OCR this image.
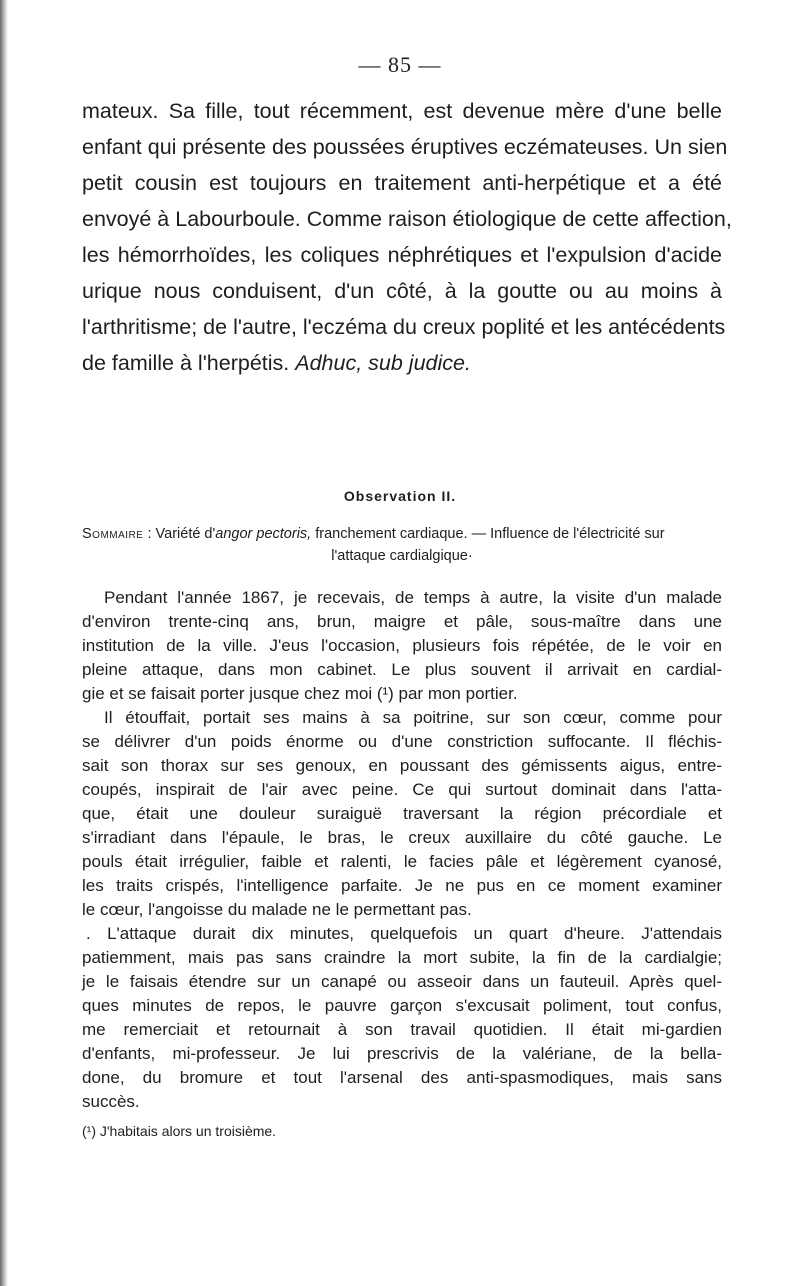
— 85 —
mateux. Sa fille, tout récemment, est devenue mère d'une belle
enfant qui présente des poussées éruptives eczémateuses. Un sien
petit cousin est toujours en traitement anti-herpétique et a été
envoyé à Labourboule. Comme raison étiologique de cette affection,
les hémorrhoïdes, les coliques néphrétiques et l'expulsion d'acide
urique nous conduisent, d'un côté, à la goutte ou au moins à
l'arthritisme; de l'autre, l'eczéma du creux poplité et les antécédents
de famille à l'herpétis. Adhuc, sub judice.
Observation II.
Sommaire : Variété d'angor pectoris, franchement cardiaque. — Influence de l'électricité sur
l'attaque cardialgique·
Pendant l'année 1867, je recevais, de temps à autre, la visite d'un malade
d'environ trente-cinq ans, brun, maigre et pâle, sous-maître dans une
institution de la ville. J'eus l'occasion, plusieurs fois répétée, de le voir en
pleine attaque, dans mon cabinet. Le plus souvent il arrivait en cardial-
gie et se faisait porter jusque chez moi (¹) par mon portier.
Il étouffait, portait ses mains à sa poitrine, sur son cœur, comme pour
se délivrer d'un poids énorme ou d'une constriction suffocante. Il fléchis-
sait son thorax sur ses genoux, en poussant des gémissents aigus, entre-
coupés, inspirait de l'air avec peine. Ce qui surtout dominait dans l'atta-
que, était une douleur suraiguë traversant la région précordiale et
s'irradiant dans l'épaule, le bras, le creux auxillaire du côté gauche. Le
pouls était irrégulier, faible et ralenti, le facies pâle et légèrement cyanosé,
les traits crispés, l'intelligence parfaite. Je ne pus en ce moment examiner
le cœur, l'angoisse du malade ne le permettant pas.
. L'attaque durait dix minutes, quelquefois un quart d'heure. J'attendais
patiemment, mais pas sans craindre la mort subite, la fin de la cardialgie;
je le faisais étendre sur un canapé ou asseoir dans un fauteuil. Après quel-
ques minutes de repos, le pauvre garçon s'excusait poliment, tout confus,
me remerciait et retournait à son travail quotidien. Il était mi-gardien
d'enfants, mi-professeur. Je lui prescrivis de la valériane, de la bella-
done, du bromure et tout l'arsenal des anti-spasmodiques, mais sans
succès.
(¹) J'habitais alors un troisième.
